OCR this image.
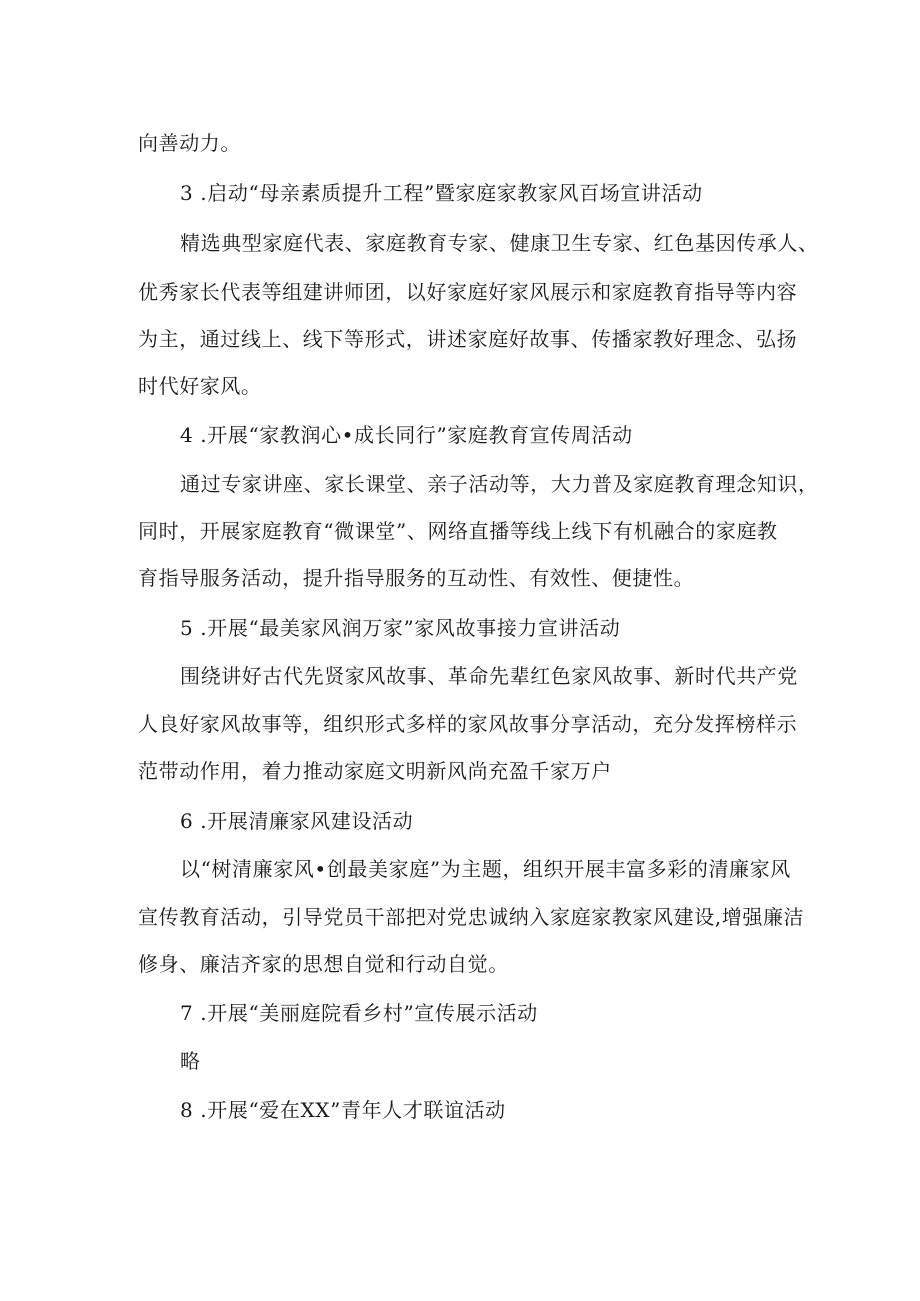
向善动力。
3 .启动“母亲素质提升工程”暨家庭家教家风百场宣讲活动
精选典型家庭代表、家庭教育专家、健康卫生专家、红色基因传承人、
优秀家长代表等组建讲师团，以好家庭好家风展示和家庭教育指导等内容
为主，通过线上、线下等形式，讲述家庭好故事、传播家教好理念、弘扬
时代好家风。
4 .开展“家教润心•成长同行”家庭教育宣传周活动
通过专家讲座、家长课堂、亲子活动等，大力普及家庭教育理念知识，
同时，开展家庭教育“微课堂”、网络直播等线上线下有机融合的家庭教
育指导服务活动，提升指导服务的互动性、有效性、便捷性。
5 .开展“最美家风润万家”家风故事接力宣讲活动
围绕讲好古代先贤家风故事、革命先辈红色家风故事、新时代共产党
人良好家风故事等，组织形式多样的家风故事分享活动，充分发挥榜样示
范带动作用，着力推动家庭文明新风尚充盈千家万户
6 .开展清廉家风建设活动
以“树清廉家风•创最美家庭”为主题，组织开展丰富多彩的清廉家风
宣传教育活动，引导党员干部把对党忠诚纳入家庭家教家风建设,增强廉洁
修身、廉洁齐家的思想自觉和行动自觉。
7 .开展“美丽庭院看乡村”宣传展示活动
略
8 .开展“爱在XX”青年人才联谊活动
